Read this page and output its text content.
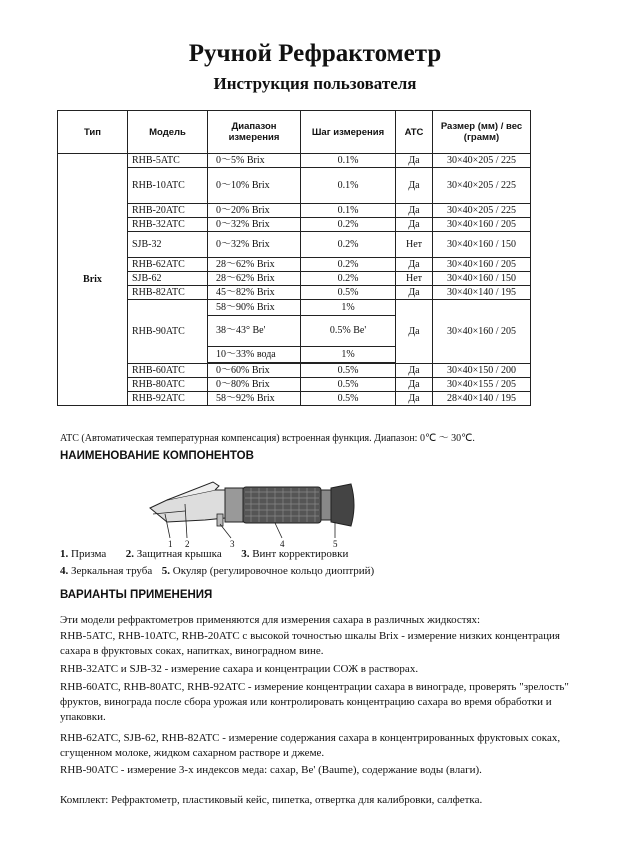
Ручной Рефрактометр
Инструкция пользователя
Тип	Модель	Диапазон измерения	Шаг измерения	ATC	Размер (мм) / вес (грамм)
Brix	RHB-5ATC	0～5% Brix	0.1%	Да	30×40×205 / 225
	RHB-10ATC	0～10% Brix	0.1%	Да	30×40×205 / 225
	RHB-20ATC	0～20% Brix	0.1%	Да	30×40×205 / 225
	RHB-32ATC	0～32% Brix	0.2%	Да	30×40×160 / 205
	SJB-32	0～32% Brix	0.2%	Нет	30×40×160 / 150
	RHB-62ATC	28～62% Brix	0.2%	Да	30×40×160 / 205
	SJB-62	28～62% Brix	0.2%	Нет	30×40×160 / 150
	RHB-82ATC	45～82% Brix	0.5%	Да	30×40×140 / 195
	RHB-90ATC	58～90% Brix	1%	Да	30×40×160 / 205

		38～43° Be'	0.5% Be'		
		10～33% вода	1%		

	RHB-60ATC	0～60% Brix	0.5%	Да	30×40×150 / 200
	RHB-80ATC	0～80% Brix	0.5%	Да	30×40×155 / 205
	RHB-92ATC	58～92% Brix	0.5%	Да	28×40×140 / 195
ATC (Автоматическая температурная компенсация) встроенная функция. Диапазон: 0℃ ～ 30℃.
НАИМЕНОВАНИЕ КОМПОНЕНТОВ
1 2	3	4	5
1. Призма 2. Защитная крышка 3. Винт корректировки
4. Зеркальная труба 5. Окуляр (регулировочное кольцо диоптрий)
ВАРИАНТЫ ПРИМЕНЕНИЯ
Эти модели рефрактометров применяются для измерения сахара в различных жидкостях:
RHB-5ATC, RHB-10ATC, RHB-20ATC с высокой точностью шкалы Brix - измерение низких концентрация сахара в фруктовых соках, напитках, виноградном вине.
RHB-32ATC и SJB-32 - измерение сахара и концентрации СОЖ в растворах.
RHB-60ATC, RHB-80ATC, RHB-92ATC - измерение концентрации сахара в винограде, проверять "зрелость" фруктов, винограда после сбора урожая или контролировать концентрацию сахара во время обработки и упаковки.
RHB-62ATC, SJB-62, RHB-82ATC - измерение содержания сахара в концентрированных фруктовых соках, сгущенном молоке, жидком сахарном растворе и джеме.
RHB-90ATC - измерение 3-х индексов меда: сахар, Be' (Baume), содержание воды (влаги).
Комплект: Рефрактометр, пластиковый кейс, пипетка, отвертка для калибровки, салфетка.
